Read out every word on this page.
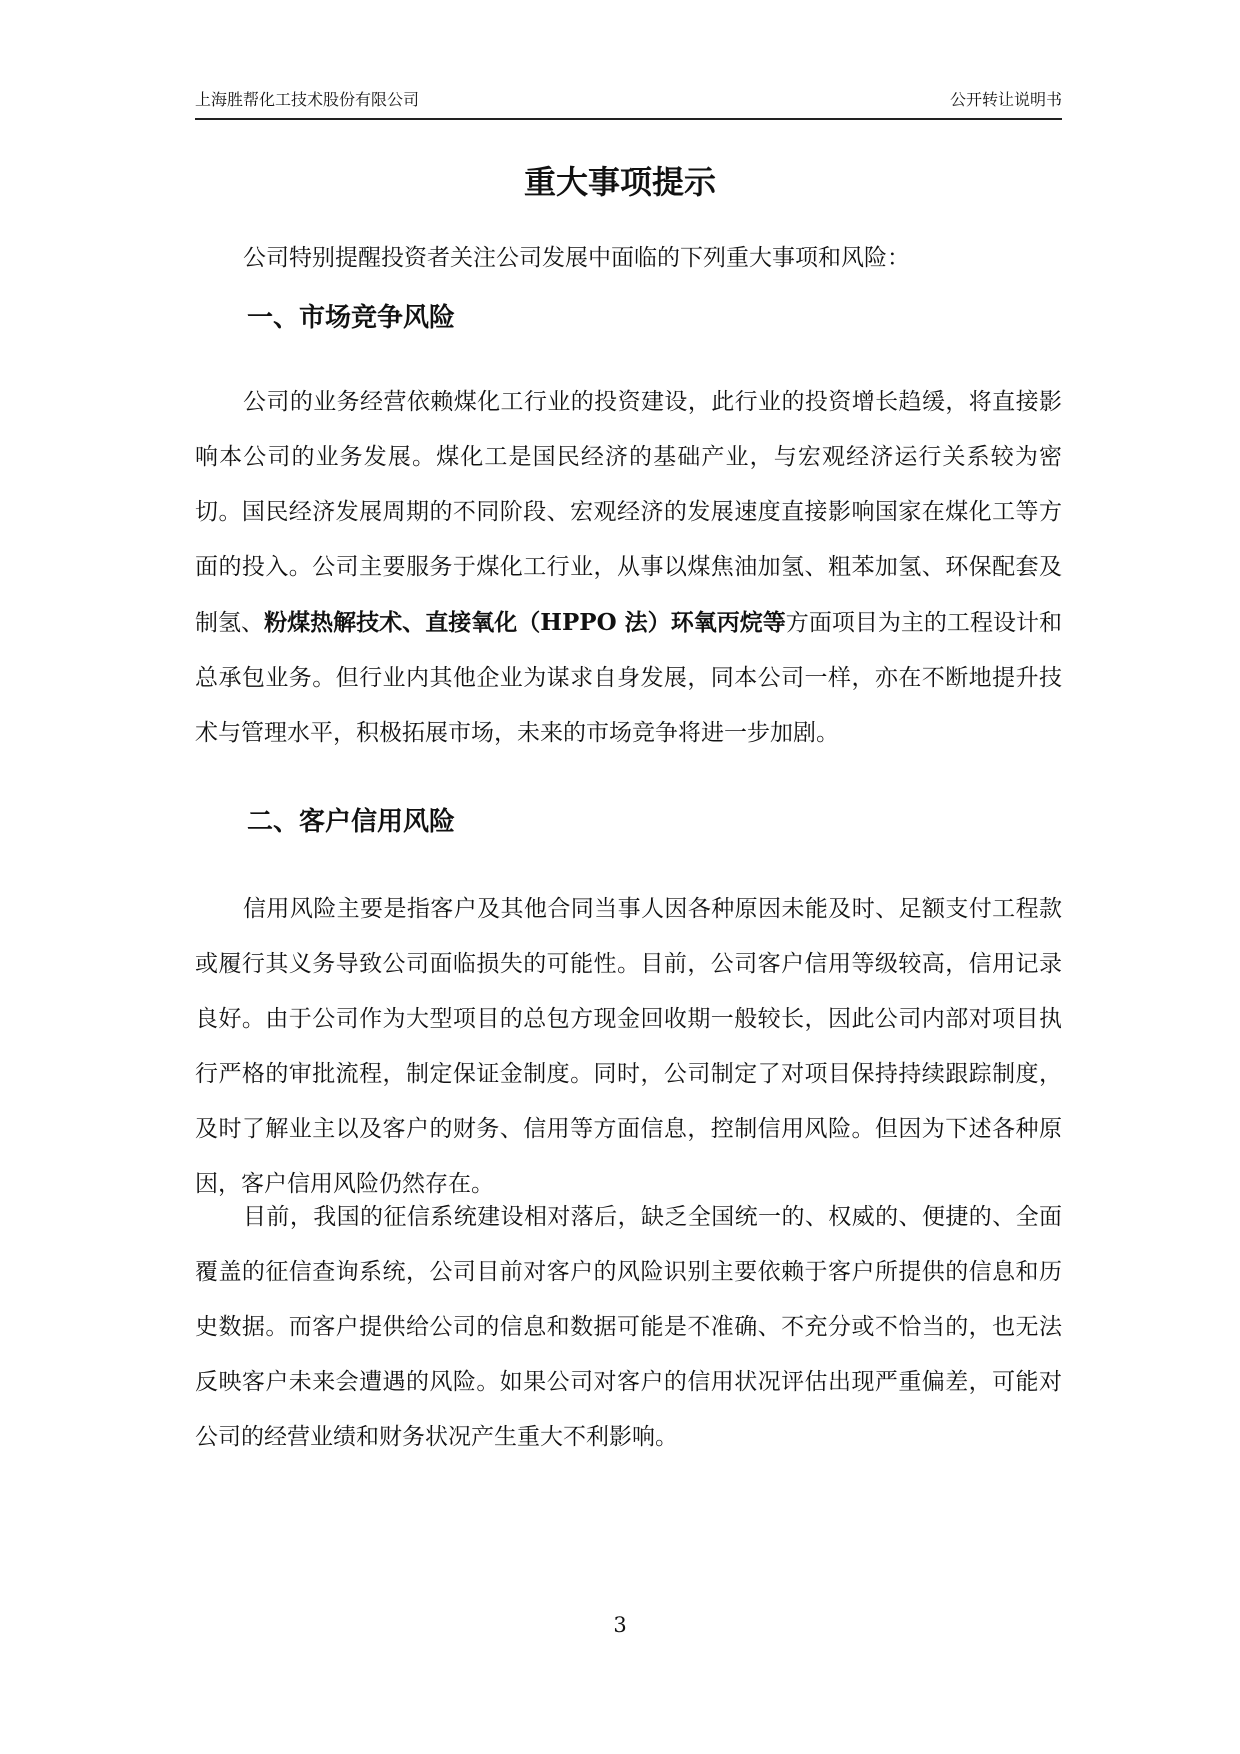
上海胜帮化工技术股份有限公司	公开转让说明书
重大事项提示

公司特别提醒投资者关注公司发展中面临的下列重大事项和风险：

一、市场竞争风险

公司的业务经营依赖煤化工行业的投资建设，此行业的投资增长趋缓，将直接影响本公司的业务发展。煤化工是国民经济的基础产业，与宏观经济运行关系较为密切。国民经济发展周期的不同阶段、宏观经济的发展速度直接影响国家在煤化工等方面的投入。公司主要服务于煤化工行业，从事以煤焦油加氢、粗苯加氢、环保配套及制氢、粉煤热解技术、直接氧化（HPPO 法）环氧丙烷等方面项目为主的工程设计和总承包业务。但行业内其他企业为谋求自身发展，同本公司一样，亦在不断地提升技术与管理水平，积极拓展市场，未来的市场竞争将进一步加剧。

二、客户信用风险

信用风险主要是指客户及其他合同当事人因各种原因未能及时、足额支付工程款或履行其义务导致公司面临损失的可能性。目前，公司客户信用等级较高，信用记录良好。由于公司作为大型项目的总包方现金回收期一般较长，因此公司内部对项目执行严格的审批流程，制定保证金制度。同时，公司制定了对项目保持持续跟踪制度，及时了解业主以及客户的财务、信用等方面信息，控制信用风险。但因为下述各种原因，客户信用风险仍然存在。

目前，我国的征信系统建设相对落后，缺乏全国统一的、权威的、便捷的、全面覆盖的征信查询系统，公司目前对客户的风险识别主要依赖于客户所提供的信息和历史数据。而客户提供给公司的信息和数据可能是不准确、不充分或不恰当的，也无法反映客户未来会遭遇的风险。如果公司对客户的信用状况评估出现严重偏差，可能对公司的经营业绩和财务状况产生重大不利影响。

3
